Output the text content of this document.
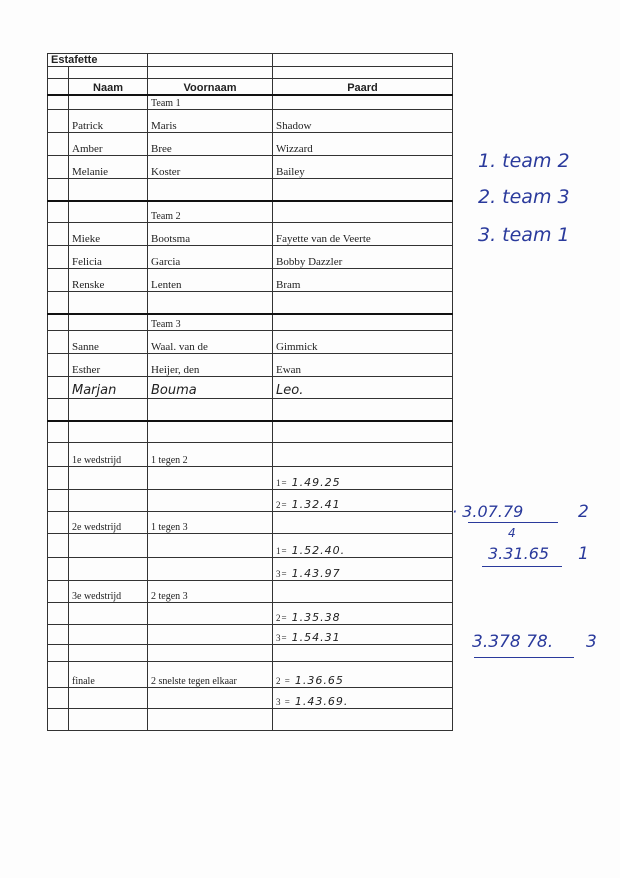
Estafette			

	Naam	Voornaam	Paard
		Team 1	
	Patrick	Maris	Shadow
	Amber	Bree	Wizzard
	Melanie	Koster	Bailey

		Team 2	
	Mieke	Bootsma	Fayette van de Veerte
	Felicia	Garcia	Bobby Dazzler
	Renske	Lenten	Bram

		Team 3	
	Sanne	Waal. van de	Gimmick
	Esther	Heijer, den	Ewan
	Marjan	Bouma	Leo.

	1e wedstrijd	1 tegen 2	
			1= 1.49.25
			2= 1.32.41
	2e wedstrijd	1 tegen 3	
			1= 1.52.40.
			3= 1.43.97
	3e wedstrijd	2 tegen 3	
			2= 1.35.38
			3= 1.54.31

	finale	2 snelste tegen elkaar	2 = 1.36.65
			3 = 1.43.69.

1. team 2
2. team 3
3. team 1
· 3.07.79	2
4
3.31.65 1
3.378 78. 3
